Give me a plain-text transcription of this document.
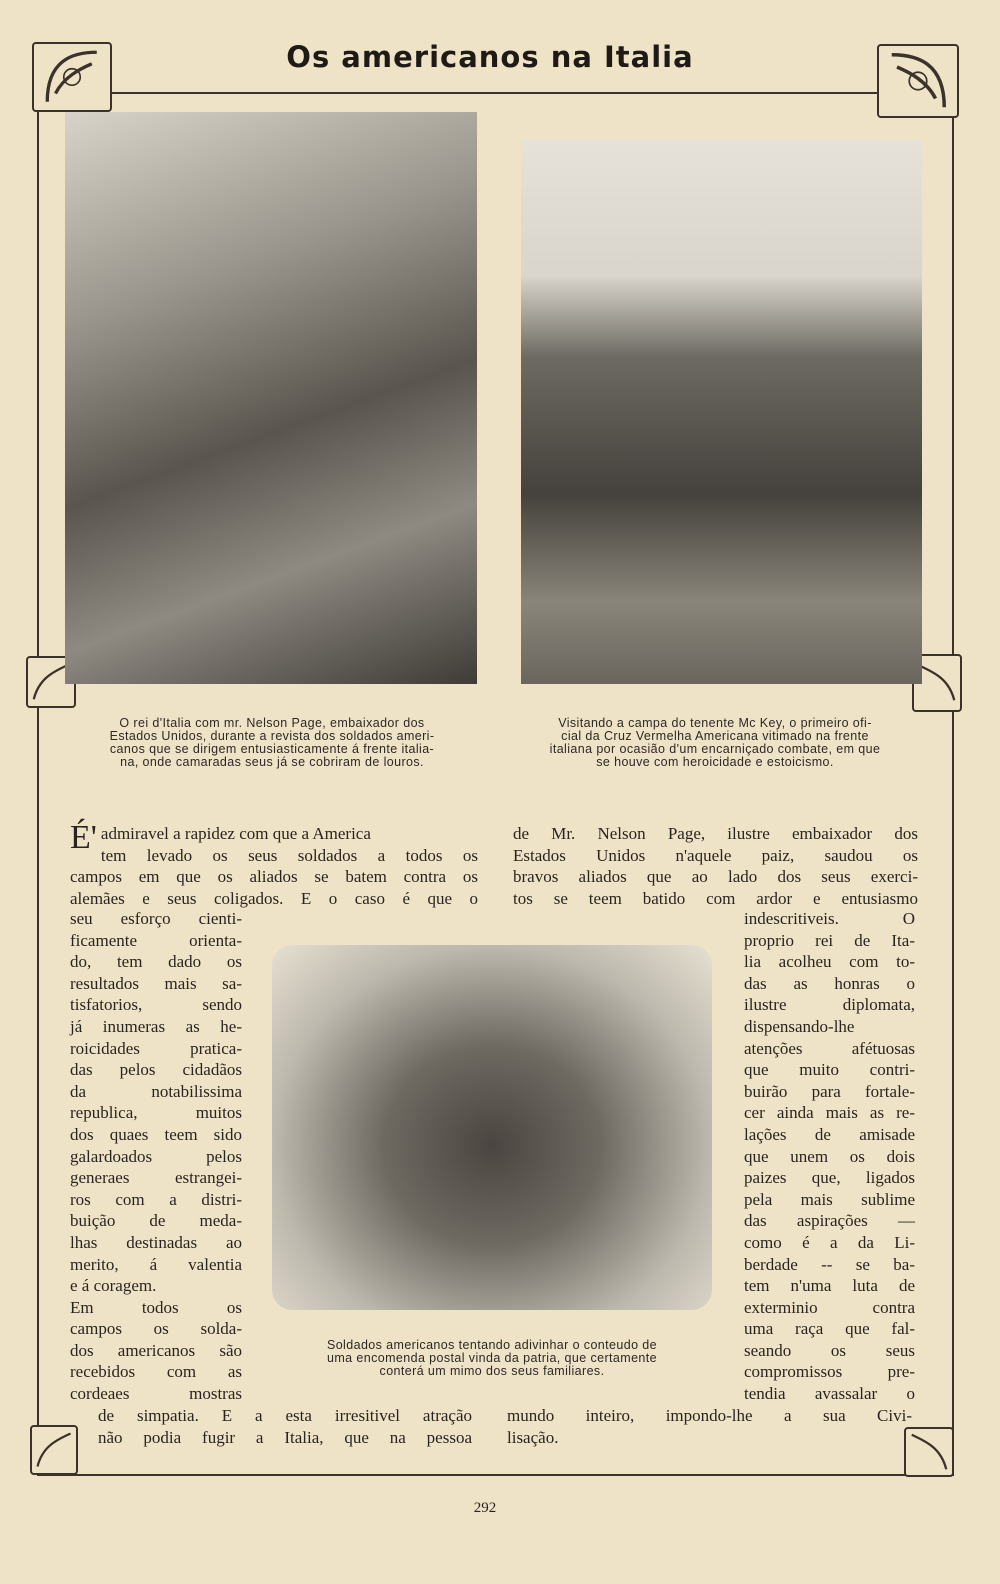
Os americanos na Italia
O rei d'Italia com mr. Nelson Page, embaixador dos
Estados Unidos, durante a revista dos soldados ameri-
canos que se dirigem entusiasticamente á frente italia-
na, onde camaradas seus já se cobriram de louros.
Visitando a campa do tenente Mc Key, o primeiro ofi-
cial da Cruz Vermelha Americana vitimado na frente
italiana por ocasião d'um encarniçado combate, em que
se houve com heroicidade e estoicismo.
Soldados americanos tentando adivinhar o conteudo de
uma encomenda postal vinda da patria, que certamente
conterá um mimo dos seus familiares.
É' admiravel a rapidez com que a America
tem levado os seus soldados a todos os
campos em que os aliados se batem contra os
alemães e seus coligados. E o caso é que o
seu esforço cienti-
ficamente orienta-
do, tem dado os
resultados mais sa-
tisfatorios, sendo
já inumeras as he-
roicidades pratica-
das pelos cidadãos
da notabilissima
republica, muitos
dos quaes teem sido
galardoados pelos
generaes estrangei-
ros com a distri-
buição de meda-
lhas destinadas ao
merito, á valentia
e á coragem.
Em todos os
campos os solda-
dos americanos são
recebidos com as
cordeaes mostras
de simpatia. E a esta irresitivel atração
não podia fugir a Italia, que na pessoa
de Mr. Nelson Page, ilustre embaixador dos
Estados Unidos n'aquele paiz, saudou os
bravos aliados que ao lado dos seus exerci-
tos se teem batido com ardor e entusiasmo
indescritiveis. O
proprio rei de Ita-
lia acolheu com to-
das as honras o
ilustre diplomata,
dispensando-lhe
atenções afétuosas
que muito contri-
buirão para fortale-
cer ainda mais as re-
lações de amisade
que unem os dois
paizes que, ligados
pela mais sublime
das aspirações —
como é a da Li-
berdade -- se ba-
tem n'uma luta de
exterminio contra
uma raça que fal-
seando os seus
compromissos pre-
tendia avassalar o
mundo inteiro, impondo-lhe a sua Civi-
lisação.
292
